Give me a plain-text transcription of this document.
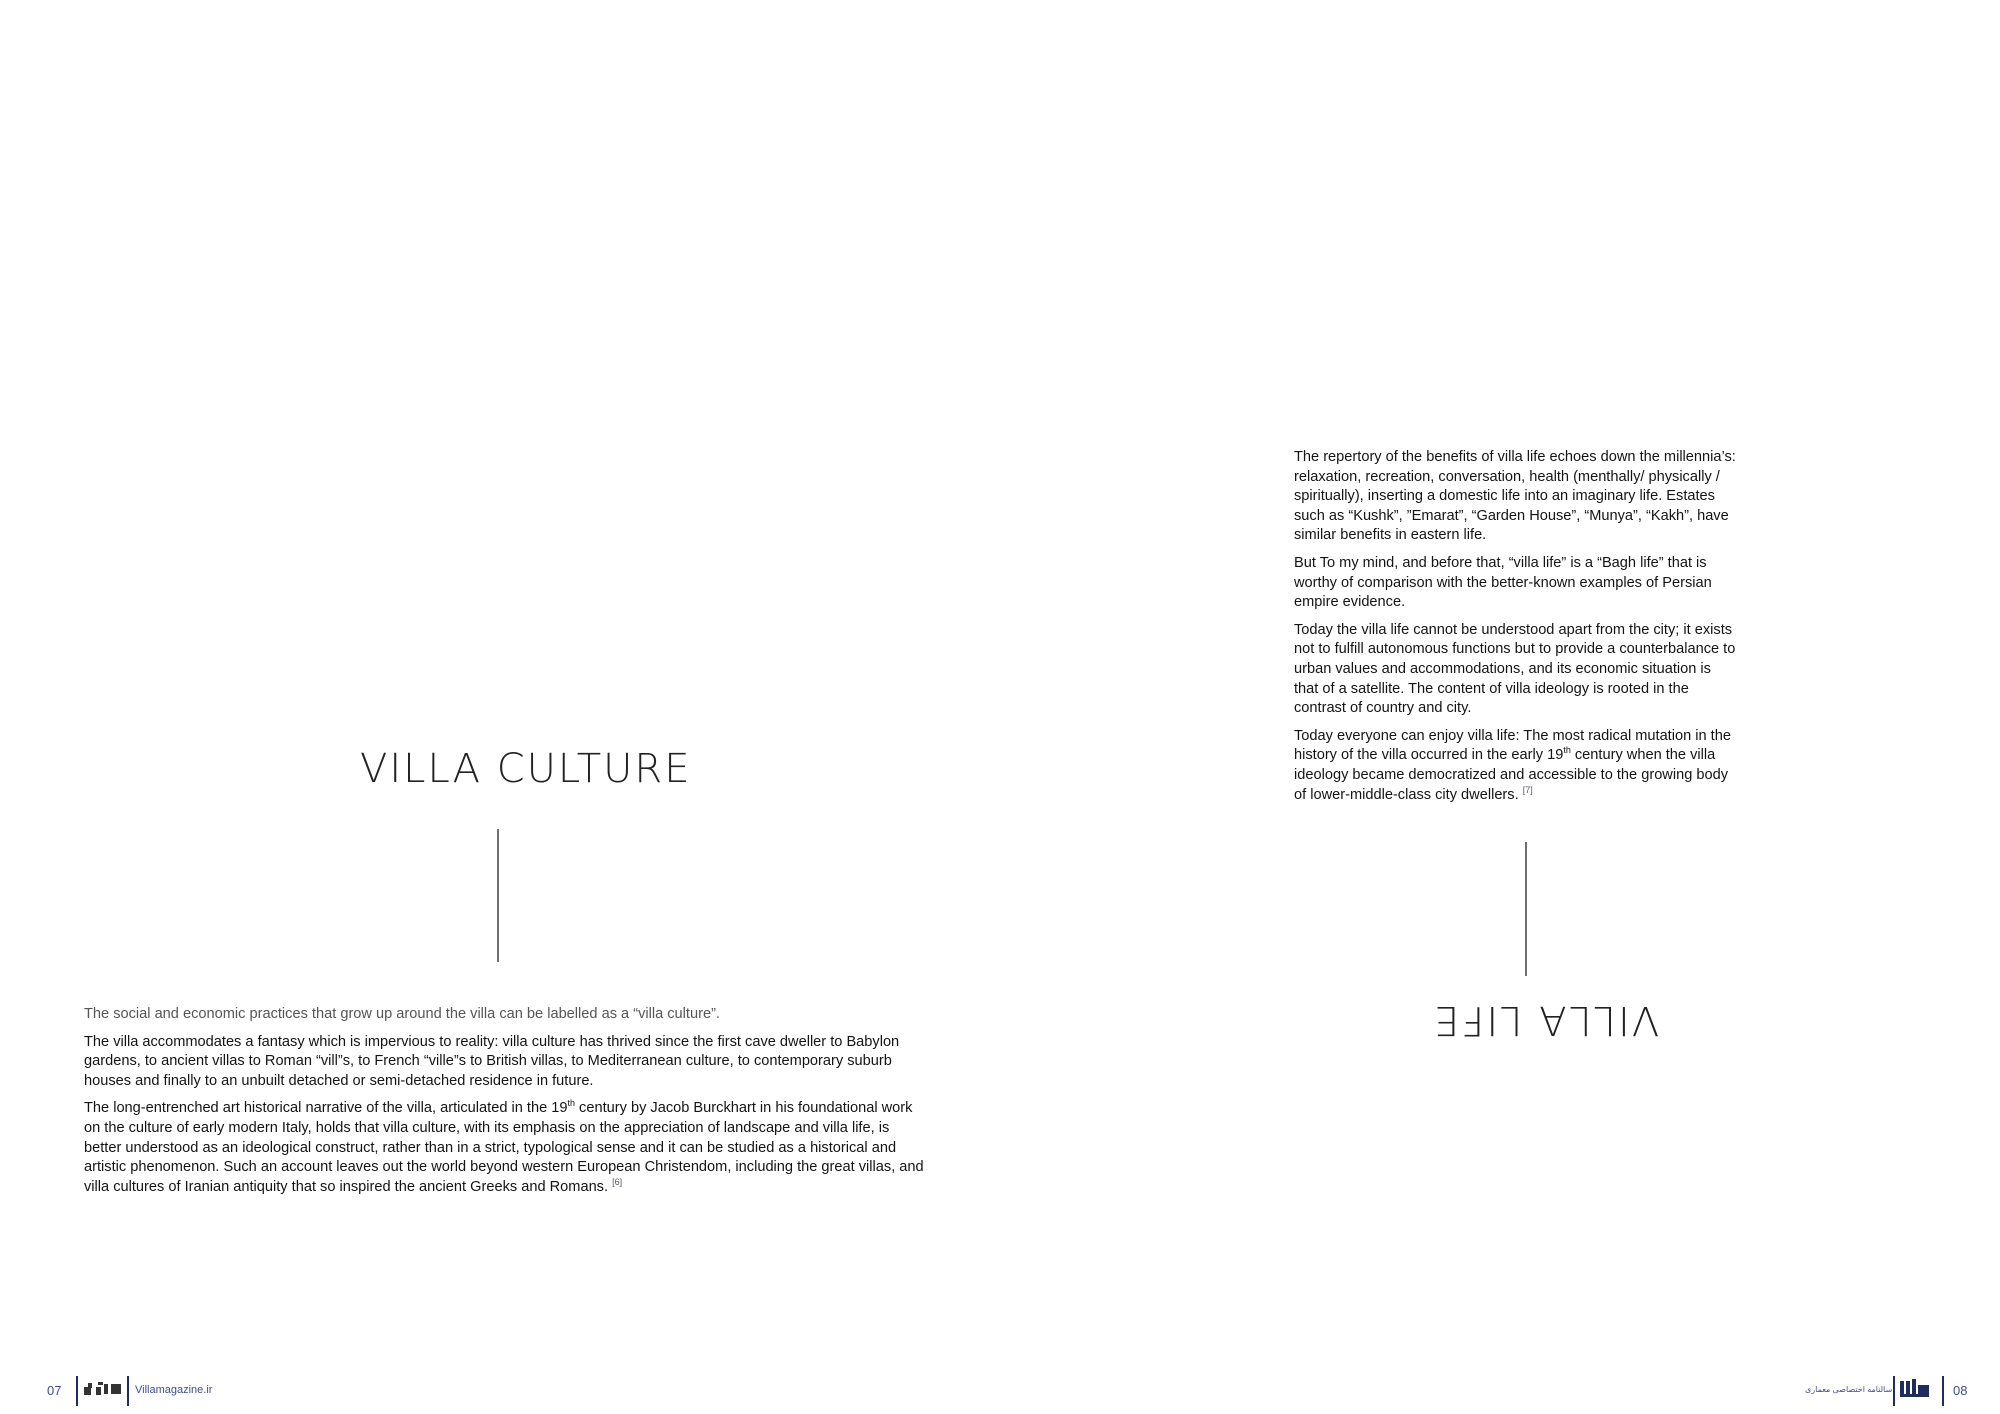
VILLA CULTURE

The social and economic practices that grow up around the villa can be labelled as a “villa culture”.

The villa accommodates a fantasy which is impervious to reality: villa culture has thrived since the first cave dweller to Babylon gardens, to ancient villas to Roman “vill”s, to French “ville”s to British villas, to Mediterranean culture, to contemporary suburb houses and finally to an unbuilt detached or semi-detached residence in future.

The long-entrenched art historical narrative of the villa, articulated in the 19th century by Jacob Burckhart in his foundational work on the culture of early modern Italy, holds that villa culture, with its emphasis on the appreciation of landscape and villa life, is better understood as an ideological construct, rather than in a strict, typological sense and it can be studied as a historical and artistic phenomenon. Such an account leaves out the world beyond western European Christendom, including the great villas, and villa cultures of Iranian antiquity that so inspired the ancient Greeks and Romans. [6]

The repertory of the benefits of villa life echoes down the millennia’s: relaxation, recreation, conversation, health (menthally/ physically / spiritually), inserting a domestic life into an imaginary life. Estates such as “Kushk”, ”Emarat”, “Garden House”, “Munya”, “Kakh”, have similar benefits in eastern life.

But To my mind, and before that, “villa life” is a “Bagh life” that is worthy of comparison with the better-known examples of Persian empire evidence.

Today the villa life cannot be understood apart from the city; it exists not to fulfill autonomous functions but to provide a counterbalance to urban values and accommodations, and its economic situation is that of a satellite. The content of villa ideology is rooted in the contrast of country and city.

Today everyone can enjoy villa life: The most radical mutation in the history of the villa occurred in the early 19th century when the villa ideology became democratized and accessible to the growing body of lower-middle-class city dwellers. [7]

VILLA LIFE
07	Villamagazine.ir	سالنامه اختصاصی معماری	08
